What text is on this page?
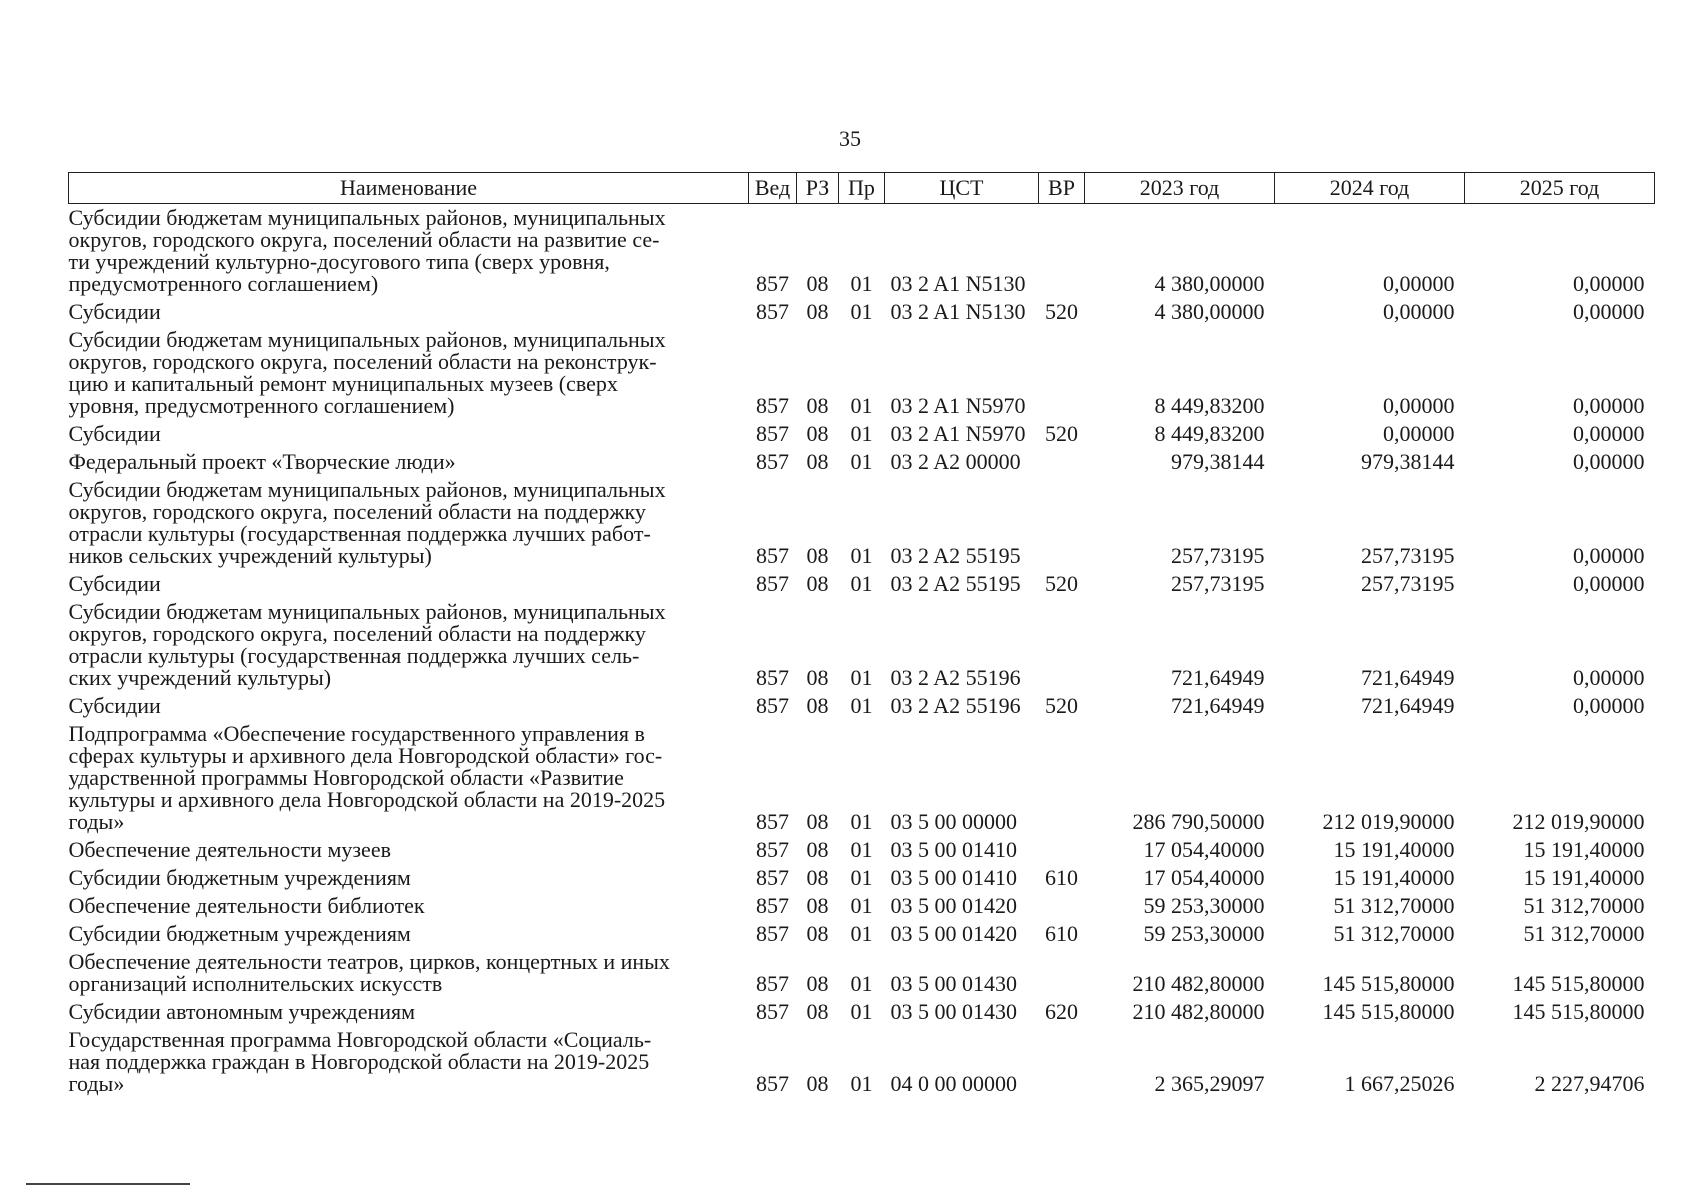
35
Наименование	Вед	РЗ	Пр	ЦСТ	ВР	2023 год	2024 год	2025 год
Субсидии бюджетам муниципальных районов, муниципальных
округов, городского округа, поселений области на развитие се-
ти учреждений культурно-досугового типа (сверх уровня,
предусмотренного соглашением)	857	08	01	03 2 A1 N5130		4 380,00000	0,00000	0,00000
Субсидии	857	08	01	03 2 A1 N5130	520	4 380,00000	0,00000	0,00000
Субсидии бюджетам муниципальных районов, муниципальных
округов, городского округа, поселений области на реконструк-
цию и капитальный ремонт муниципальных музеев (сверх
уровня, предусмотренного соглашением)	857	08	01	03 2 A1 N5970		8 449,83200	0,00000	0,00000
Субсидии	857	08	01	03 2 A1 N5970	520	8 449,83200	0,00000	0,00000
Федеральный проект «Творческие люди»	857	08	01	03 2 A2 00000		979,38144	979,38144	0,00000
Субсидии бюджетам муниципальных районов, муниципальных
округов, городского округа, поселений области на поддержку
отрасли культуры (государственная поддержка лучших работ-
ников сельских учреждений культуры)	857	08	01	03 2 A2 55195		257,73195	257,73195	0,00000
Субсидии	857	08	01	03 2 A2 55195	520	257,73195	257,73195	0,00000
Субсидии бюджетам муниципальных районов, муниципальных
округов, городского округа, поселений области на поддержку
отрасли культуры (государственная поддержка лучших сель-
ских учреждений культуры)	857	08	01	03 2 A2 55196		721,64949	721,64949	0,00000
Субсидии	857	08	01	03 2 A2 55196	520	721,64949	721,64949	0,00000
Подпрограмма «Обеспечение государственного управления в
сферах культуры и архивного дела Новгородской области» гос-
ударственной программы Новгородской области «Развитие
культуры и архивного дела Новгородской области на 2019-2025
годы»	857	08	01	03 5 00 00000		286 790,50000	212 019,90000	212 019,90000
Обеспечение деятельности музеев	857	08	01	03 5 00 01410		17 054,40000	15 191,40000	15 191,40000
Субсидии бюджетным учреждениям	857	08	01	03 5 00 01410	610	17 054,40000	15 191,40000	15 191,40000
Обеспечение деятельности библиотек	857	08	01	03 5 00 01420		59 253,30000	51 312,70000	51 312,70000
Субсидии бюджетным учреждениям	857	08	01	03 5 00 01420	610	59 253,30000	51 312,70000	51 312,70000
Обеспечение деятельности театров, цирков, концертных и иных
организаций исполнительских искусств	857	08	01	03 5 00 01430		210 482,80000	145 515,80000	145 515,80000
Субсидии автономным учреждениям	857	08	01	03 5 00 01430	620	210 482,80000	145 515,80000	145 515,80000
Государственная программа Новгородской области «Социаль-
ная поддержка граждан в Новгородской области на 2019-2025
годы»	857	08	01	04 0 00 00000		2 365,29097	1 667,25026	2 227,94706
